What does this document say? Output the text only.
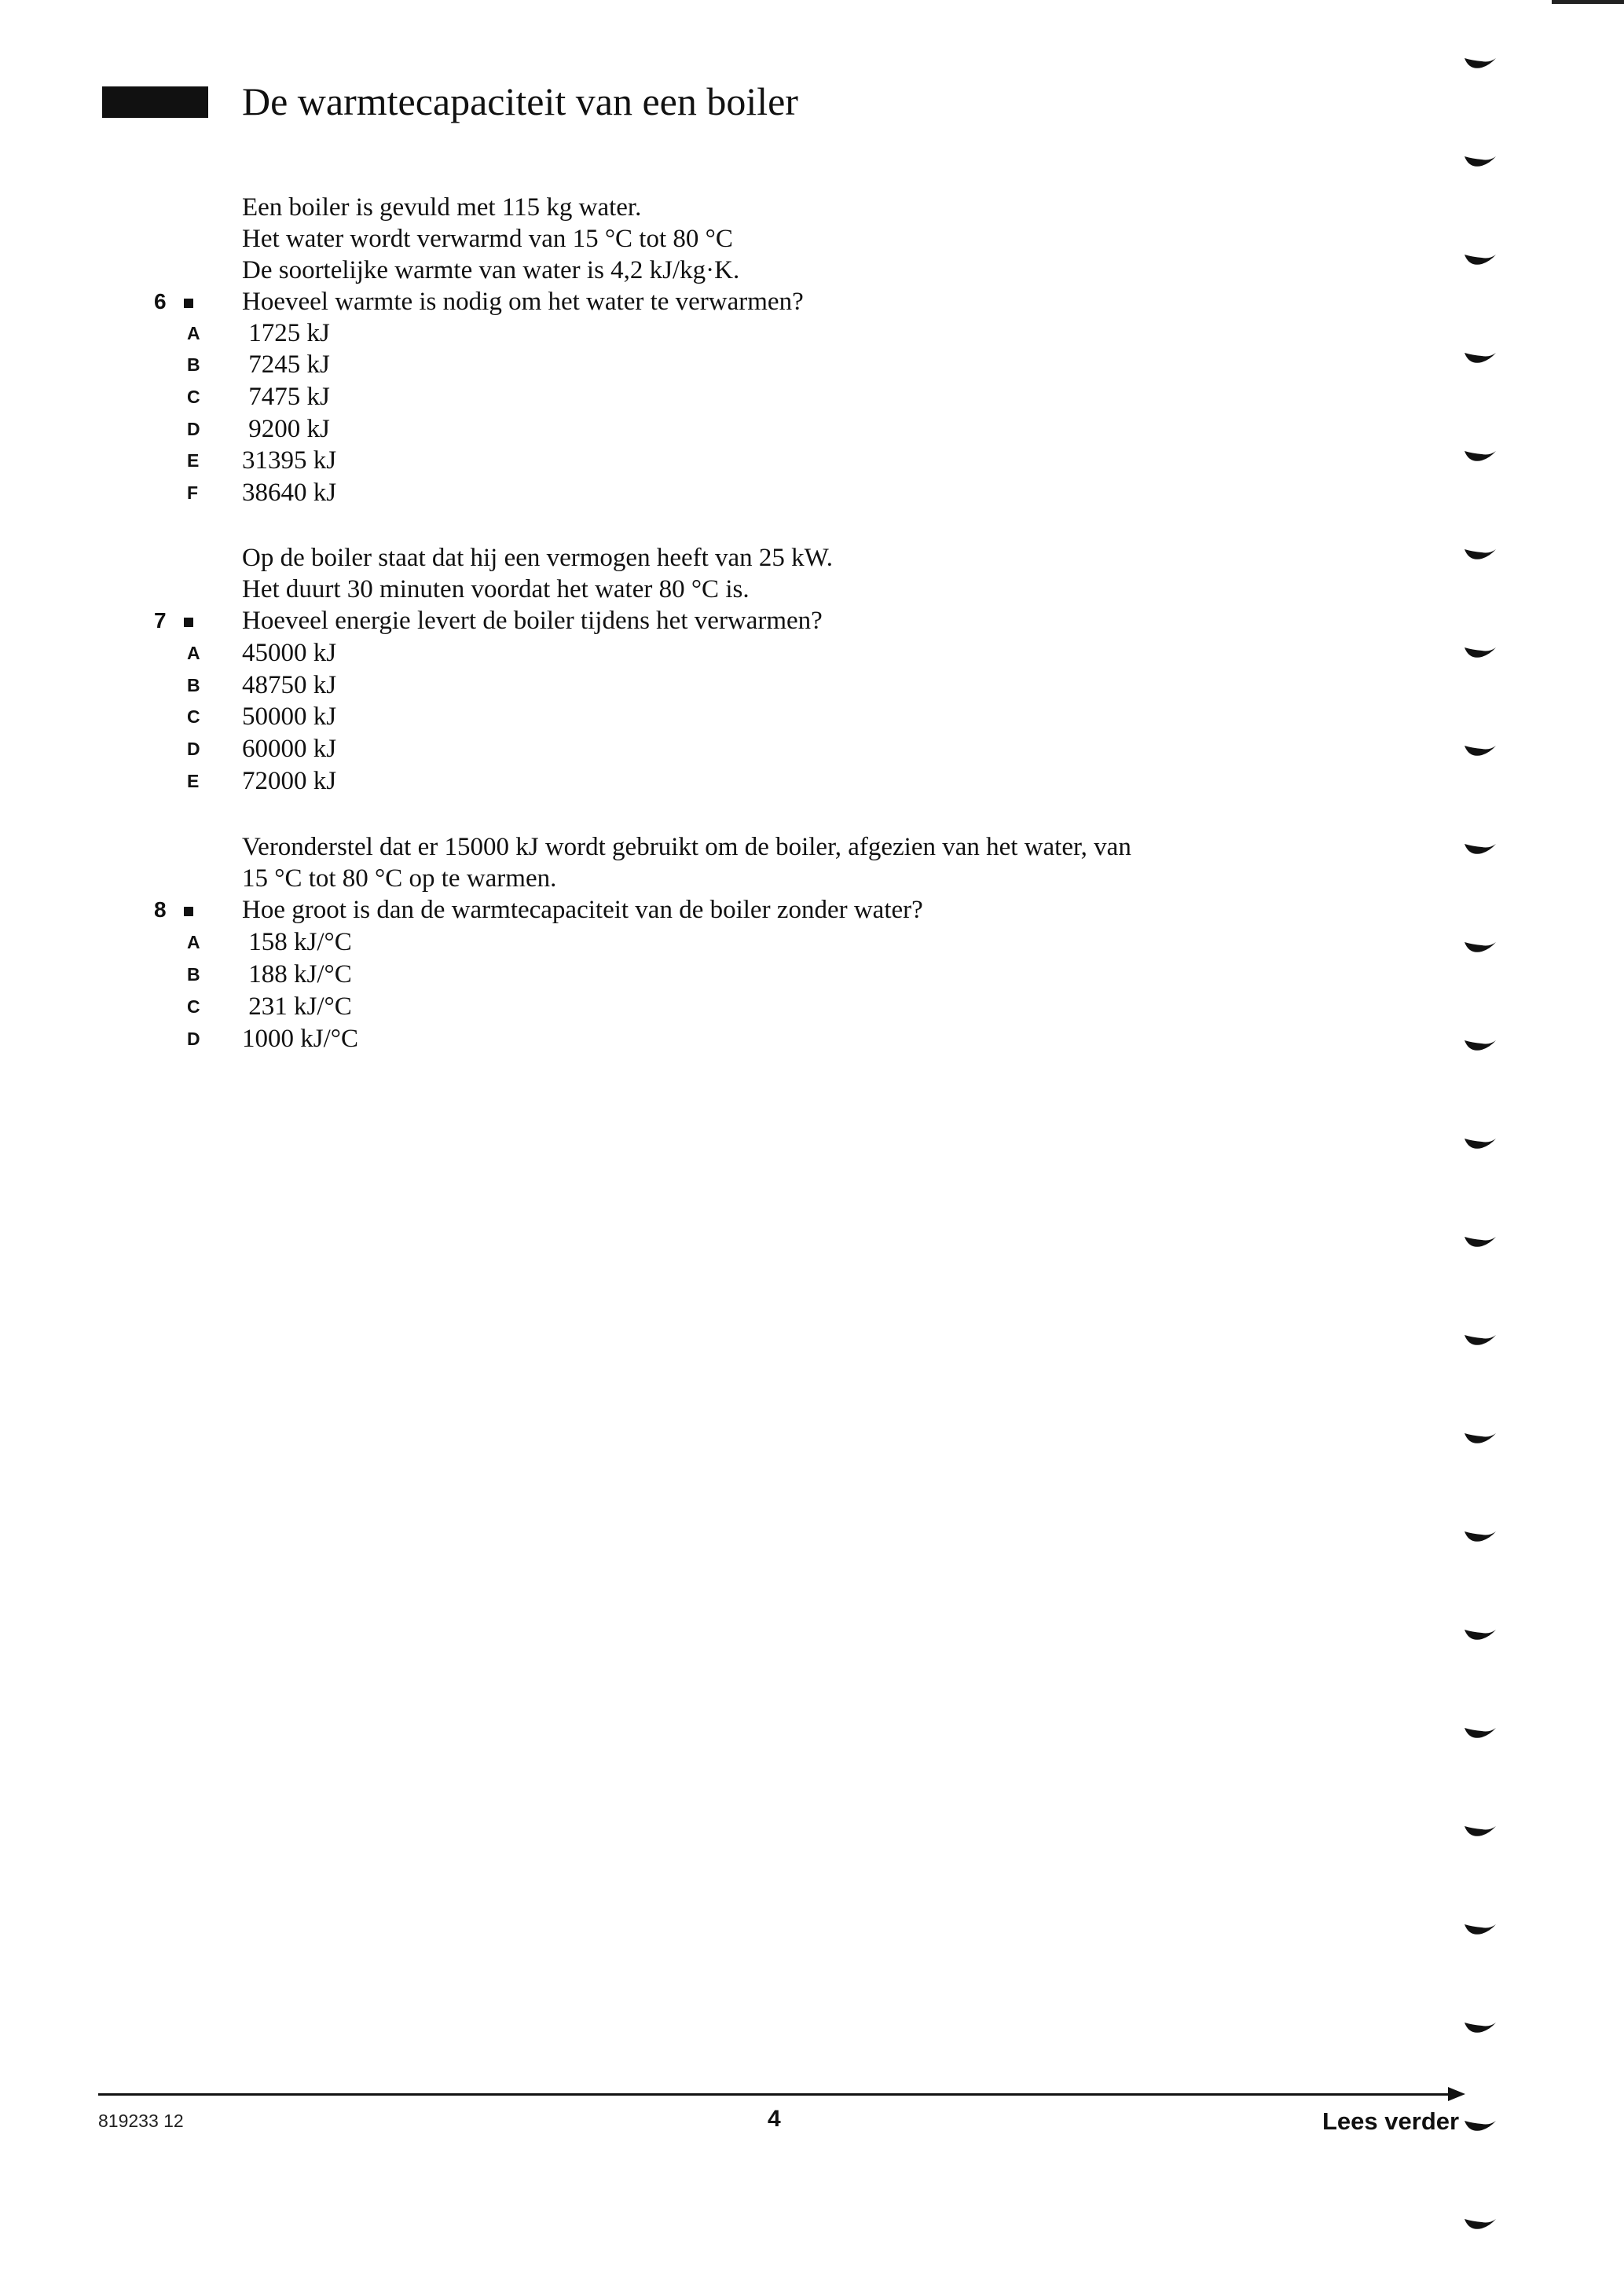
De warmtecapaciteit van een boiler
Een boiler is gevuld met 115 kg water.
Het water wordt verwarmd van 15 °C tot 80 °C
De soortelijke warmte van water is 4,2 kJ/kg·K.
6	Hoeveel warmte is nodig om het water te verwarmen?
A 1725 kJ
B 7245 kJ
C 7475 kJ
D 9200 kJ
E 31395 kJ
F 38640 kJ
Op de boiler staat dat hij een vermogen heeft van 25 kW.
Het duurt 30 minuten voordat het water 80 °C is.
7	Hoeveel energie levert de boiler tijdens het verwarmen?
A 45000 kJ
B 48750 kJ
C 50000 kJ
D 60000 kJ
E 72000 kJ
Veronderstel dat er 15000 kJ wordt gebruikt om de boiler, afgezien van het water, van
15 °C tot 80 °C op te warmen.
8	Hoe groot is dan de warmtecapaciteit van de boiler zonder water?
A 158 kJ/°C
B 188 kJ/°C
C 231 kJ/°C
D 1000 kJ/°C
819233 12	4	Lees verder
